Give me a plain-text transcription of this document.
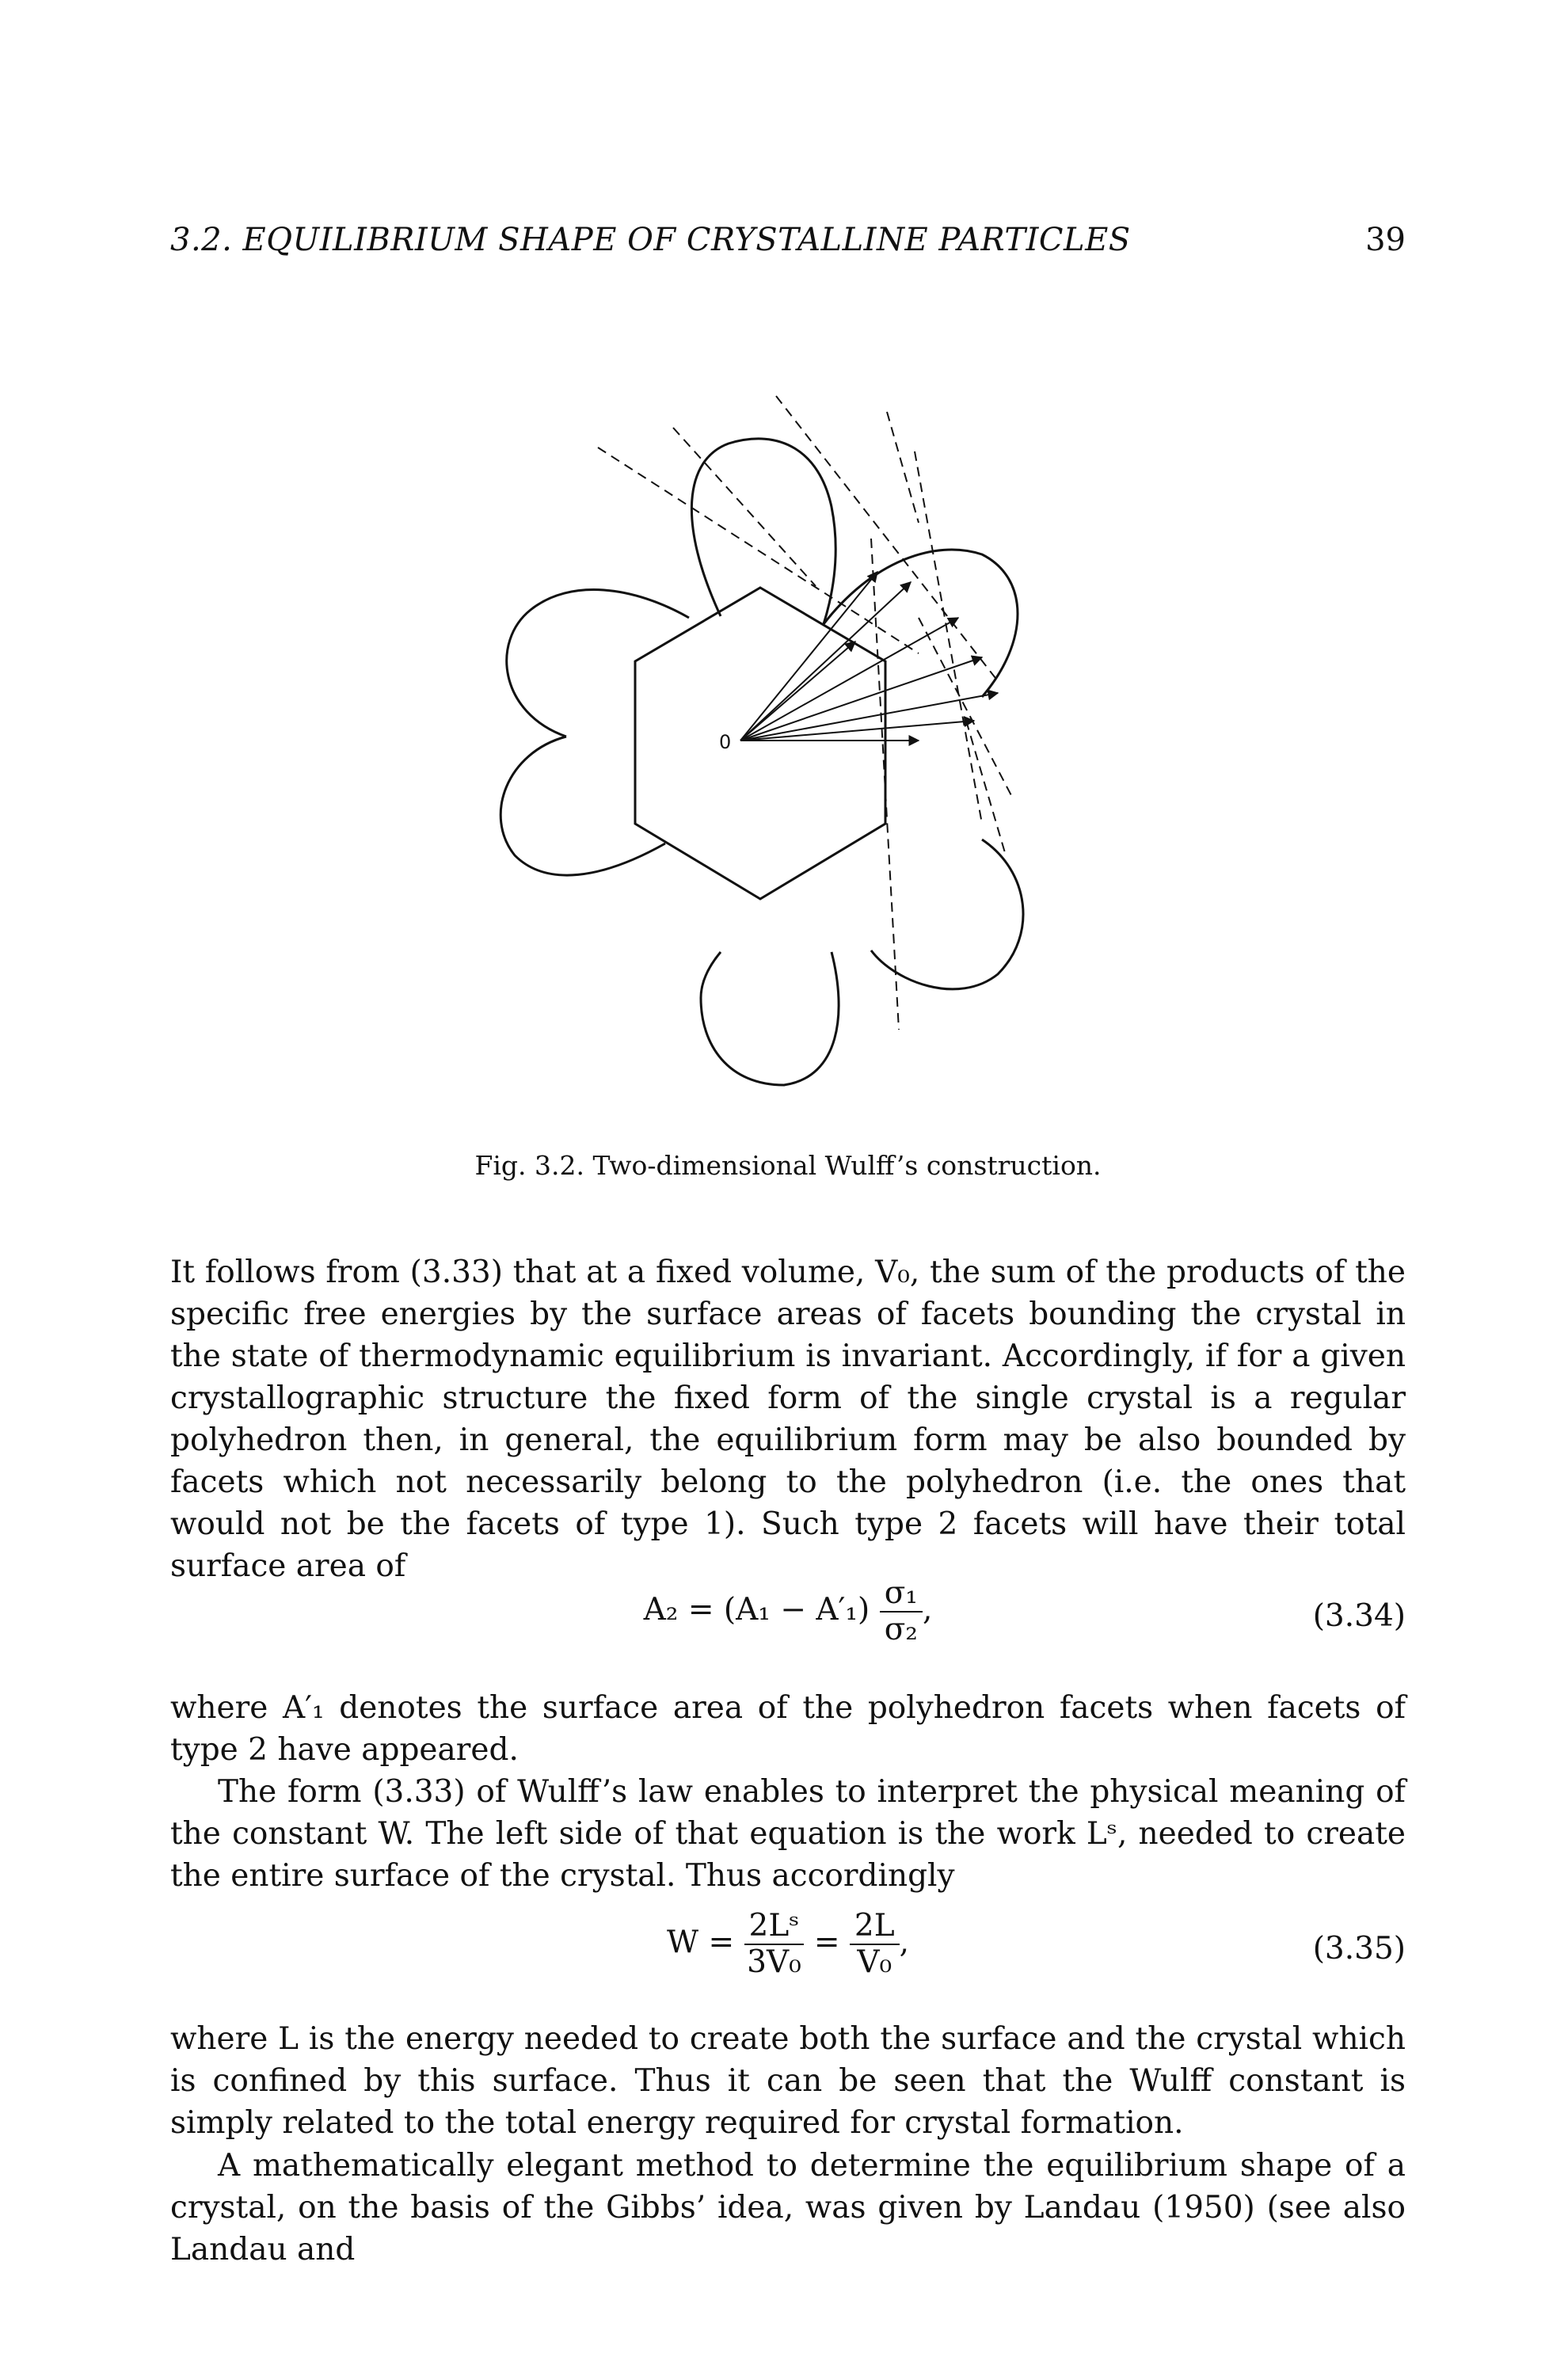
3.2. EQUILIBRIUM SHAPE OF CRYSTALLINE PARTICLES	39
0
Fig. 3.2. Two-dimensional Wulff’s construction.
It follows from (3.33) that at a fixed volume, V₀, the sum of the products of the specific free energies by the surface areas of facets bounding the crystal in the state of thermodynamic equilibrium is invariant. Accordingly, if for a given crystallographic structure the fixed form of the single crystal is a regular polyhedron then, in general, the equilibrium form may be also bounded by facets which not necessarily belong to the polyhedron (i.e. the ones that would not be the facets of type 1). Such type 2 facets will have their total surface area of
$A_2 = (A_1 - A'_1) \frac{\text{σ₁}}{\text{σ₂}}$ ,	(3.34)
where A′₁ denotes the surface area of the polyhedron facets when facets of type 2 have appeared.
The form (3.33) of Wulff’s law enables to interpret the physical meaning of the constant W. The left side of that equation is the work Lˢ, needed to create the entire surface of the crystal. Thus accordingly
$W = \frac{\text{2Lˢ}}{\text{3V₀}} = \frac{2L}{\text{V₀}}$ ,	(3.35)
where L is the energy needed to create both the surface and the crystal which is confined by this surface. Thus it can be seen that the Wulff constant is simply related to the total energy required for crystal formation.
A mathematically elegant method to determine the equilibrium shape of a crystal, on the basis of the Gibbs’ idea, was given by Landau (1950) (see also Landau and
